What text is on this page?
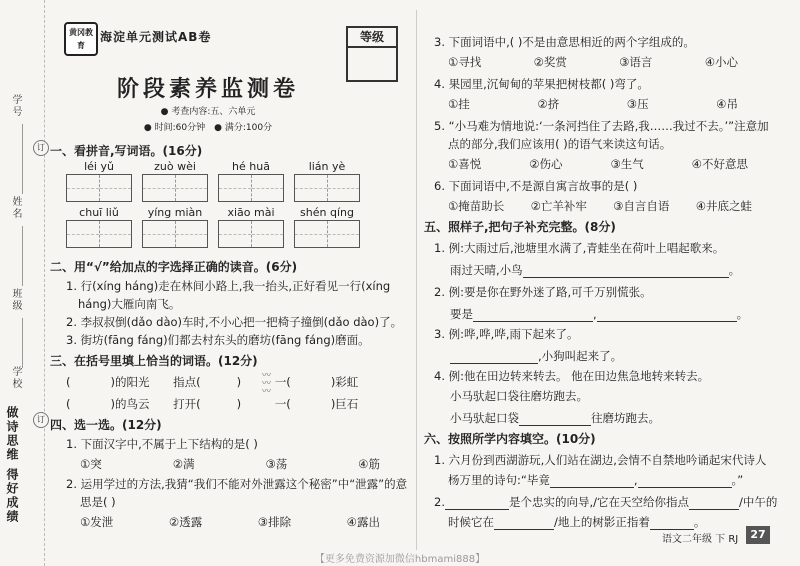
学号
姓名
班级
学校
做诗思维 得好成绩
订
订
黄冈教育
海淀单元测试AB卷	等级
阶段素养监测卷
● 考查内容:五、六单元
● 时间:60分钟　● 满分:100分
一、看拼音,写词语。(16分)
léi yǔ	zuò wèi	hé huā	lián yè
chuī liǔ	yíng miàn	xiāo mài	shén qíng
二、用“√”给加点的字选择正确的读音。(6分)
1. 行(xíng háng)走在林间小路上,我一抬头,正好看见一行(xíng
háng)大雁向南飞。
2. 李叔叔倒(dǎo dào)车时,不小心把一把椅子撞倒(dǎo dào)了。
3. 街坊(fāng fáng)们都去村东头的磨坊(fāng fáng)磨面。
三、在括号里填上恰当的词语。(12分)
(	)的阳光 指点(	)	一(	)彩虹
(	)的鸟云 打开(	)	一(	)巨石
〰
〰
〰
四、选一选。(12分)
1. 下面汉字中,不属于上下结构的是( )
①突	②满	③荡	④筋
2. 运用学过的方法,我猜“我们不能对外泄露这个秘密”中“泄露”的意
思是( )
①发泄	②透露	③排除	④露出
3. 下面词语中,( )不是由意思相近的两个字组成的。
①寻找	②奖赏	③语言	④小心
4. 果园里,沉甸甸的苹果把树枝都( )弯了。
①挂	②挤	③压	④吊
5. “小马难为情地说:‘一条河挡住了去路,我……我过不去。’”注意加
点的部分,我们应该用( )的语气来读这句话。
①喜悦	②伤心	③生气	④不好意思
6. 下面词语中,不是源自寓言故事的是( )
①掩苗助长 ②亡羊补牢 ③自言自语 ④井底之蛙
五、照样子,把句子补充完整。(8分)
1. 例:大雨过后,池塘里水满了,青蛙坐在荷叶上唱起歌来。
雨过天晴,小鸟	。
2. 例:要是你在野外迷了路,可千万别慌张。
要是	,	。
3. 例:哗,哗,哗,雨下起来了。
,小狗叫起来了。
4. 例:他在田边转来转去。 他在田边焦急地转来转去。
小马驮起口袋往磨坊跑去。
小马驮起口袋	往磨坊跑去。
六、按照所学内容填空。(10分)
1. 六月份到西湖游玩,人们站在湖边,会情不自禁地吟诵起宋代诗人
杨万里的诗句:“毕竟	,	。”
2.	是个忠实的向导,/它在天空给你指点	/中午的
时候它在	/地上的树影正指着	。
语文二年级 下 RJ	27
【更多免费资源加微信hbmami888】
